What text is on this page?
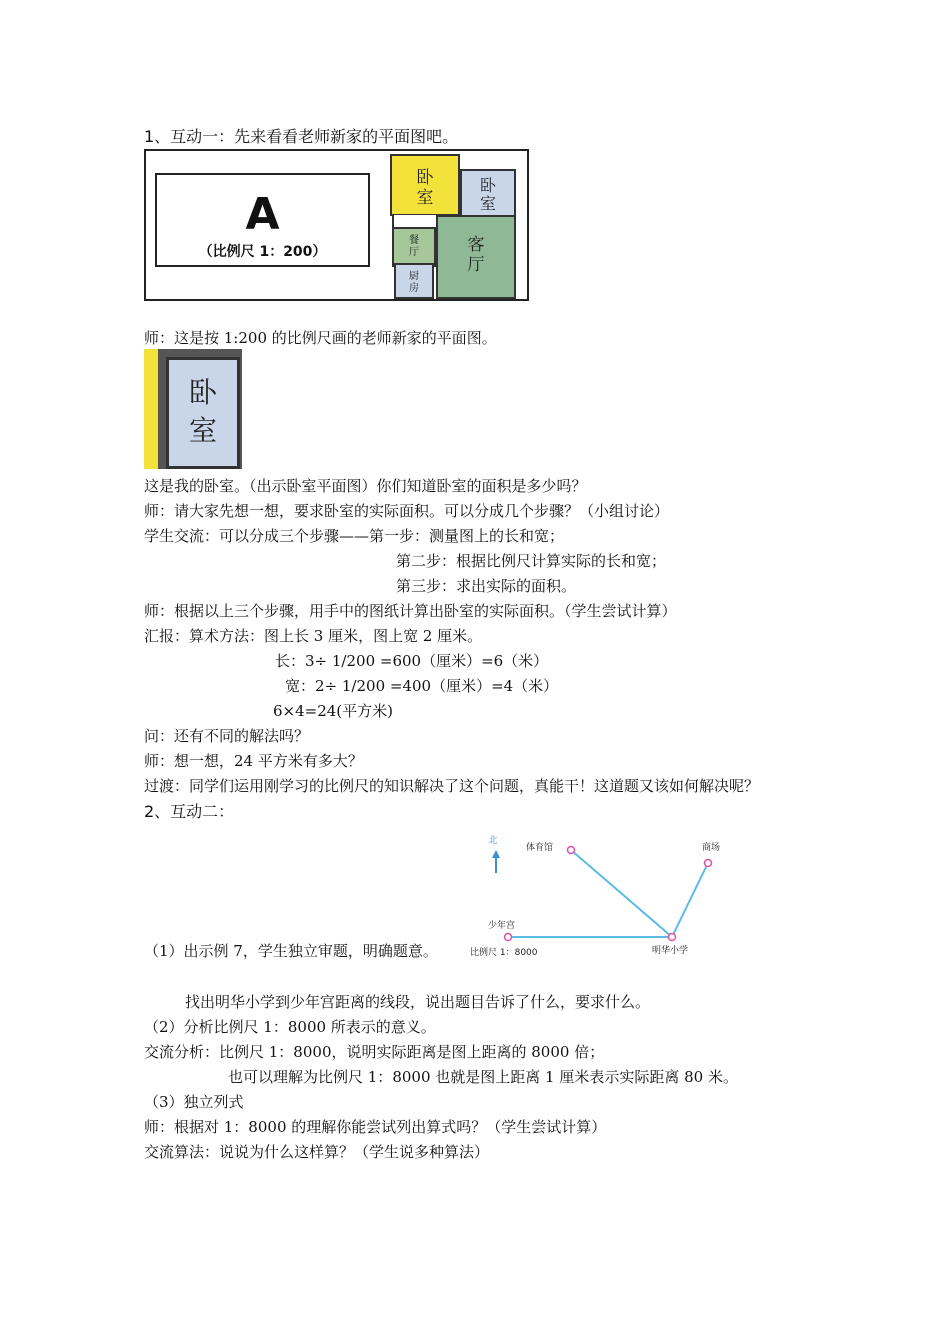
1、互动一：先来看看老师新家的平面图吧。
A
（比例尺 1：200）
卧
室
卧
室
客
厅
餐
厅
厨
房
师：这是按 1:200 的比例尺画的老师新家的平面图。
卧
室
这是我的卧室。（出示卧室平面图）你们知道卧室的面积是多少吗？
师：请大家先想一想，要求卧室的实际面积。可以分成几个步骤？（小组讨论）
学生交流：可以分成三个步骤——第一步：测量图上的长和宽；
第二步：根据比例尺计算实际的长和宽；
第三步：求出实际的面积。
师：根据以上三个步骤，用手中的图纸计算出卧室的实际面积。（学生尝试计算）
汇报：算术方法：图上长 3 厘米，图上宽 2 厘米。
长：3÷ 1/200 =600（厘米）=6（米）
宽：2÷ 1/200 =400（厘米）=4（米）
6×4=24(平方米)
问：还有不同的解法吗？
师：想一想，24 平方米有多大？
过渡：同学们运用刚学习的比例尺的知识解决了这个问题，真能干！这道题又该如何解决呢？
2、互动二：
北
体育馆	商场
少年宫
明华小学
比例尺 1：8000
（1）出示例 7，学生独立审题，明确题意。
找出明华小学到少年宫距离的线段，说出题目告诉了什么，要求什么。
（2）分析比例尺 1：8000 所表示的意义。
交流分析：比例尺 1：8000，说明实际距离是图上距离的 8000 倍；
也可以理解为比例尺 1：8000 也就是图上距离 1 厘米表示实际距离 80 米。
（3）独立列式
师：根据对 1：8000 的理解你能尝试列出算式吗？（学生尝试计算）
交流算法：说说为什么这样算？（学生说多种算法）
